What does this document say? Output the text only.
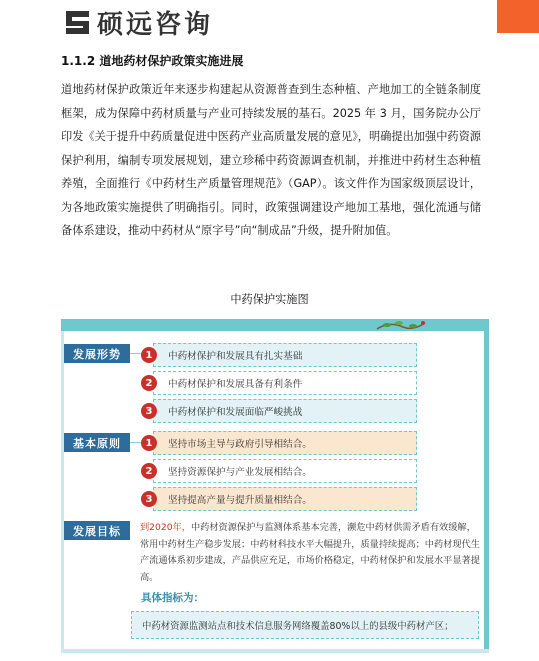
硕远咨询
1.1.2 道地药材保护政策实施进展

道地药材保护政策近年来逐步构建起从资源普查到生态种植、产地加工的全链条制度框架，成为保障中药材质量与产业可持续发展的基石。2025 年 3 月，国务院办公厅印发《关于提升中药质量促进中医药产业高质量发展的意见》，明确提出加强中药资源保护利用，编制专项发展规划，建立珍稀中药资源调查机制，并推进中药材生态种植养殖，全面推行《中药材生产质量管理规范》（GAP）。该文件作为国家级顶层设计，为各地政策实施提供了明确指引。同时，政策强调建设产地加工基地，强化流通与储备体系建设，推动中药材从“原字号”向“制成品”升级，提升附加值。

中药保护实施图
发展形势	中药材保护和发展具有扎实基础
1
中药材保护和发展具备有利条件
2
中药材保护和发展面临严峻挑战
3
基本原则	坚持市场主导与政府引导相结合。
1
坚持资源保护与产业发展相结合。
2
坚持提高产量与提升质量相结合。
3
发展目标	到2020年，中药材资源保护与监测体系基本完善，濒危中药材供需矛盾有效缓解，常用中药材生产稳步发展；中药材科技水平大幅提升，质量持续提高；中药材现代生产流通体系初步建成，产品供应充足，市场价格稳定，中药材保护和发展水平显著提高。

具体指标为：
中药材资源监测站点和技术信息服务网络覆盖80%以上的县级中药材产区；
